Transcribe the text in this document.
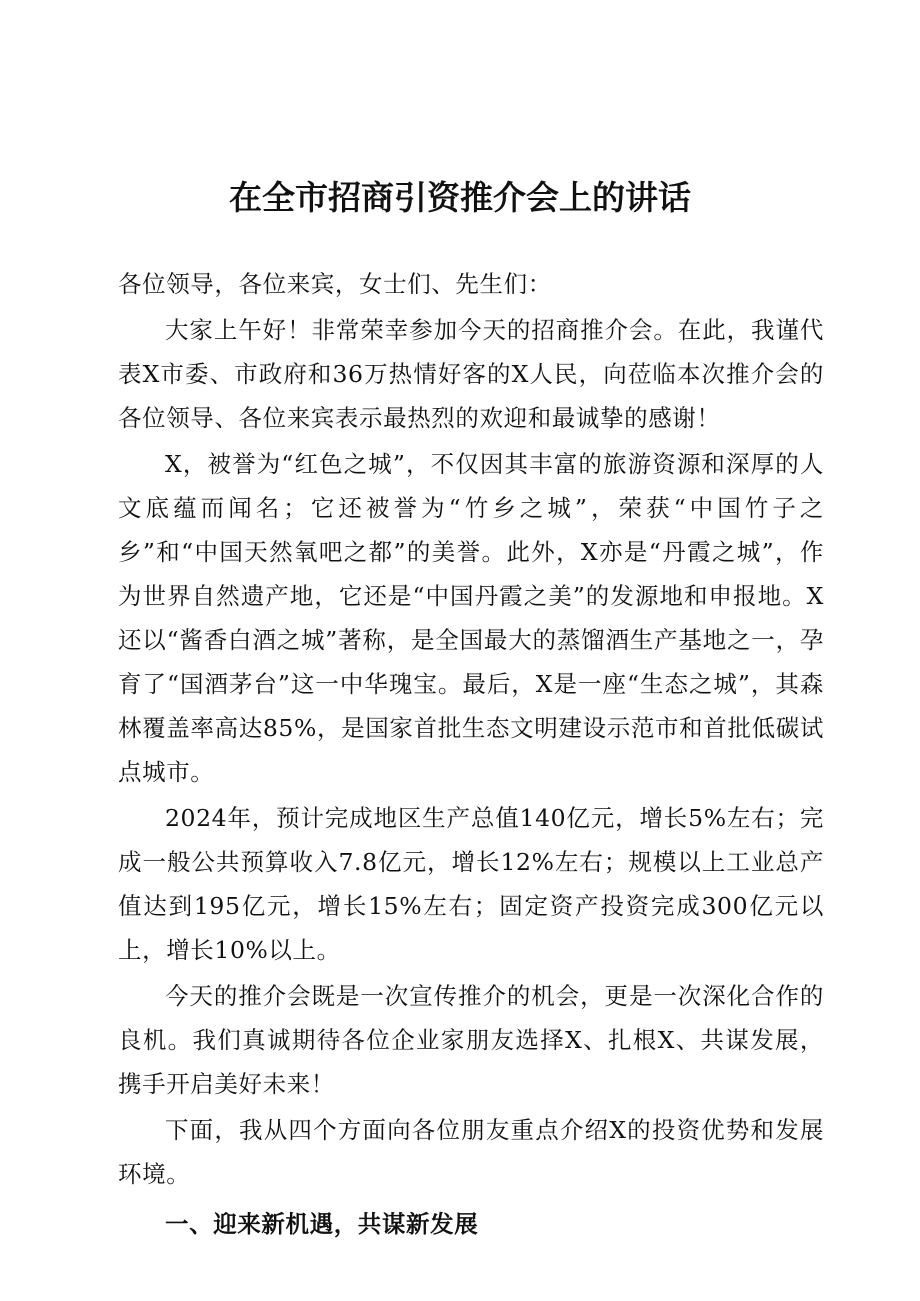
在全市招商引资推介会上的讲话

各位领导，各位来宾，女士们、先生们：

大家上午好！非常荣幸参加今天的招商推介会。在此，我谨代表X市委、市政府和36万热情好客的X人民，向莅临本次推介会的各位领导、各位来宾表示最热烈的欢迎和最诚挚的感谢！

X，被誉为“红色之城”，不仅因其丰富的旅游资源和深厚的人文底蕴而闻名；它还被誉为“竹乡之城”，荣获“中国竹子之乡”和“中国天然氧吧之都”的美誉。此外，X亦是“丹霞之城”，作为世界自然遗产地，它还是“中国丹霞之美”的发源地和申报地。X还以“酱香白酒之城”著称，是全国最大的蒸馏酒生产基地之一，孕育了“国酒茅台”这一中华瑰宝。最后，X是一座“生态之城”，其森林覆盖率高达85%，是国家首批生态文明建设示范市和首批低碳试点城市。

2024年，预计完成地区生产总值140亿元，增长5%左右；完成一般公共预算收入7.8亿元，增长12%左右；规模以上工业总产值达到195亿元，增长15%左右；固定资产投资完成300亿元以上，增长10%以上。

今天的推介会既是一次宣传推介的机会，更是一次深化合作的良机。我们真诚期待各位企业家朋友选择X、扎根X、共谋发展，携手开启美好未来！

下面，我从四个方面向各位朋友重点介绍X的投资优势和发展环境。

一、迎来新机遇，共谋新发展
